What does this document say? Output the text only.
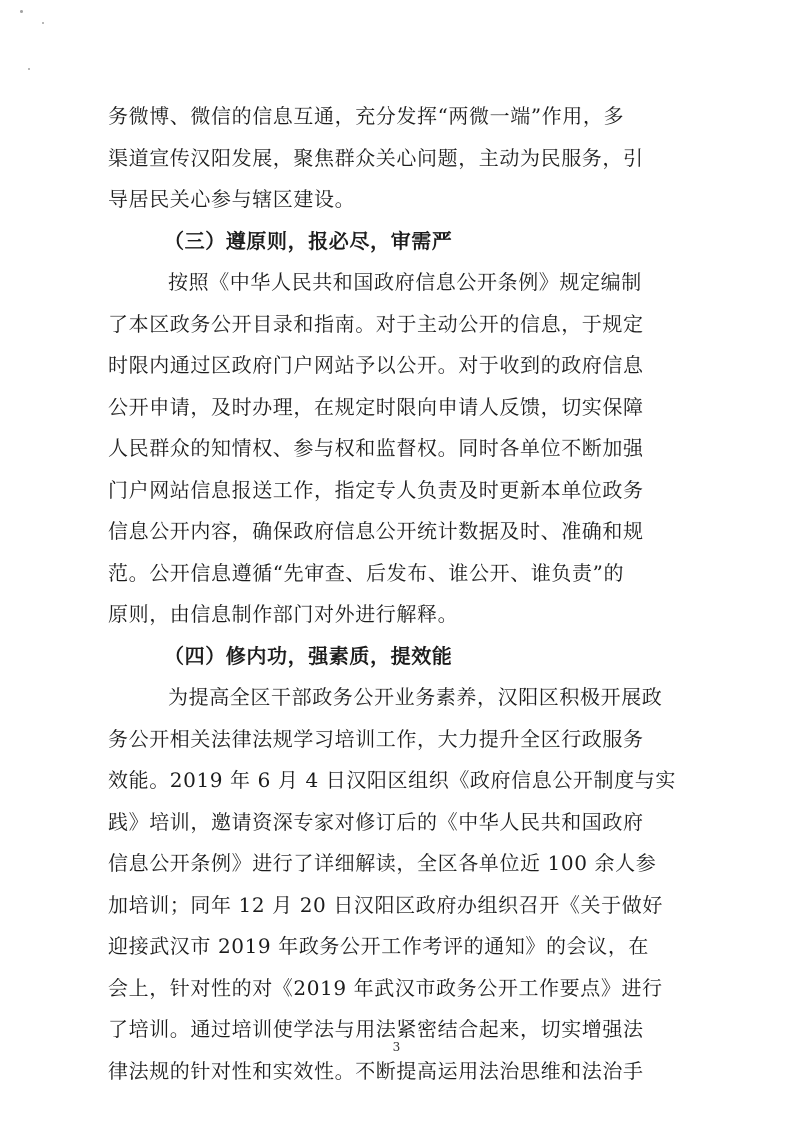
务微博、微信的信息互通，充分发挥“两微一端”作用，多
渠道宣传汉阳发展，聚焦群众关心问题，主动为民服务，引
导居民关心参与辖区建设。
（三）遵原则，报必尽，审需严
按照《中华人民共和国政府信息公开条例》规定编制
了本区政务公开目录和指南。对于主动公开的信息，于规定
时限内通过区政府门户网站予以公开。对于收到的政府信息
公开申请，及时办理，在规定时限向申请人反馈，切实保障
人民群众的知情权、参与权和监督权。同时各单位不断加强
门户网站信息报送工作，指定专人负责及时更新本单位政务
信息公开内容，确保政府信息公开统计数据及时、准确和规
范。公开信息遵循“先审查、后发布、谁公开、谁负责”的
原则，由信息制作部门对外进行解释。
（四）修内功，强素质，提效能
为提高全区干部政务公开业务素养，汉阳区积极开展政
务公开相关法律法规学习培训工作，大力提升全区行政服务
效能。2019 年 6 月 4 日汉阳区组织《政府信息公开制度与实
践》培训，邀请资深专家对修订后的《中华人民共和国政府
信息公开条例》进行了详细解读，全区各单位近 100 余人参
加培训；同年 12 月 20 日汉阳区政府办组织召开《关于做好
迎接武汉市 2019 年政务公开工作考评的通知》的会议，在
会上，针对性的对《2019 年武汉市政务公开工作要点》进行
了培训。通过培训使学法与用法紧密结合起来，切实增强法
律法规的针对性和实效性。不断提高运用法治思维和法治手
3
